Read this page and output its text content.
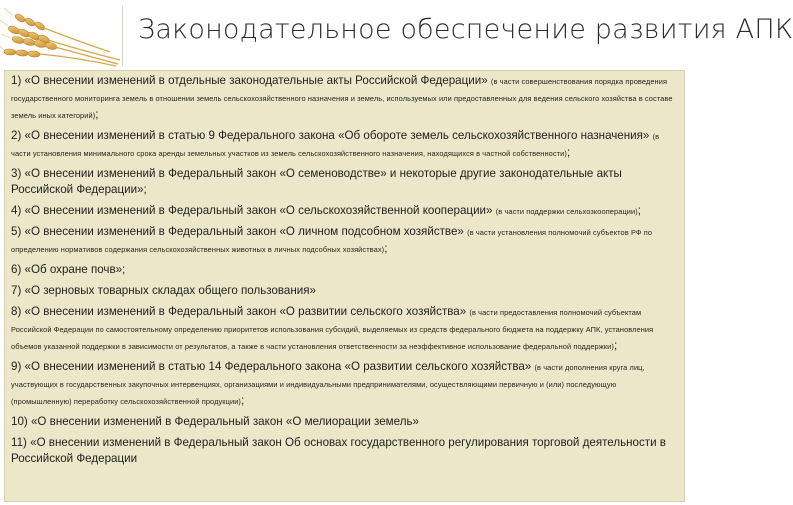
Законодательное обеспечение развития АПК
1) «О внесении изменений в отдельные законодательные акты Российской Федерации» (в части совершенствования порядка проведения государственного мониторинга земель в отношении земель сельскохозяйственного назначения и земель, используемых или предоставленных для ведения сельского хозяйства в составе земель иных категорий);
2) «О внесении изменений в статью 9 Федерального закона «Об обороте земель сельскохозяйственного назначения» (в части установления минимального срока аренды земельных участков из земель сельскохозяйственного назначения, находящихся в частной собственности);
3) «О внесении изменений в Федеральный закон «О семеноводстве» и некоторые другие законодательные акты Российской Федерации»;
4) «О внесении изменений в Федеральный закон «О сельскохозяйственной кооперации» (в части поддержки сельхозкооперации);
5) «О внесении изменений в Федеральный закон «О личном подсобном хозяйстве» (в части установления полномочий субъектов РФ по определению нормативов содержания сельскохозяйственных животных в личных подсобных хозяйствах);
6) «Об охране почв»;
7) «О зерновых товарных складах общего пользования»
8) «О внесении изменений в Федеральный закон «О развитии сельского хозяйства» (в части предоставления полномочий субъектам Российской Федерации по самостоятельному определению приоритетов использования субсидий, выделяемых из средств федерального бюджета на поддержку АПК, установления объемов указанной поддержки в зависимости от результатов, а также в части установления ответственности за неэффективное использование федеральной поддержки);
9) «О внесении изменений в статью 14 Федерального закона «О развитии сельского хозяйства» (в части дополнения круга лиц, участвующих в государственных закупочных интервенциях, организациями и индивидуальными предпринимателями, осуществляющими первичную и (или) последующую (промышленную) переработку сельскохозяйственной продукции);
10) «О внесении изменений в Федеральный закон «О мелиорации земель»
11) «О внесении изменений в Федеральный закон Об основах государственного регулирования торговой деятельности в Российской Федерации
